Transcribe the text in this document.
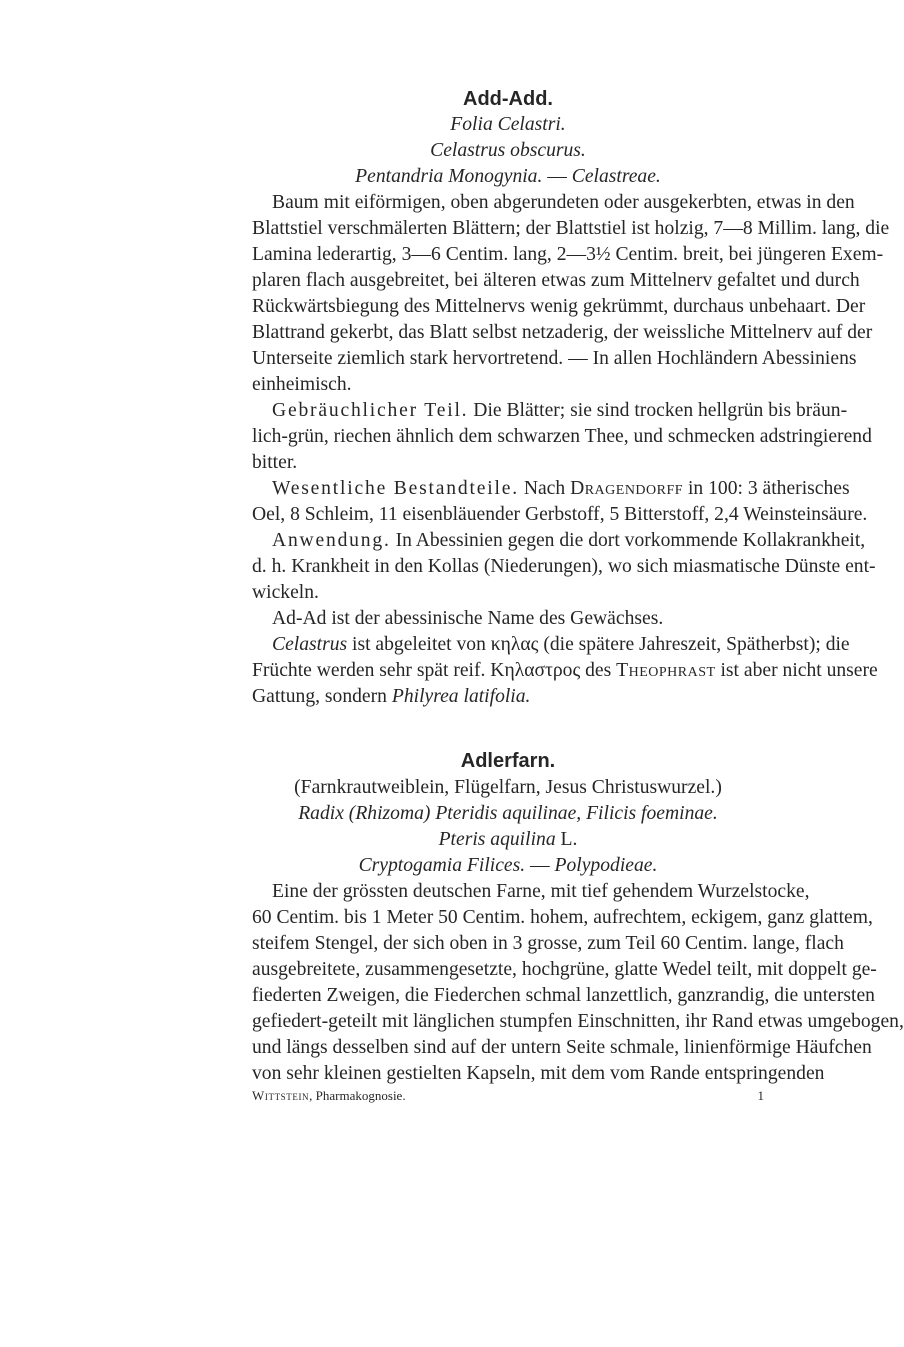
Add-Add.
Folia Celastri.
Celastrus obscurus.
Pentandria Monogynia. — Celastreae.
Baum mit eiförmigen, oben abgerundeten oder ausgekerbten, etwas in den
Blattstiel verschmälerten Blättern; der Blattstiel ist holzig, 7—8 Millim. lang, die
Lamina lederartig, 3—6 Centim. lang, 2—3½ Centim. breit, bei jüngeren Exem-
plaren flach ausgebreitet, bei älteren etwas zum Mittelnerv gefaltet und durch
Rückwärtsbiegung des Mittelnervs wenig gekrümmt, durchaus unbehaart. Der
Blattrand gekerbt, das Blatt selbst netzaderig, der weissliche Mittelnerv auf der
Unterseite ziemlich stark hervortretend. — In allen Hochländern Abessiniens
einheimisch.
Gebräuchlicher Teil. Die Blätter; sie sind trocken hellgrün bis bräun-
lich-grün, riechen ähnlich dem schwarzen Thee, und schmecken adstringierend
bitter.
Wesentliche Bestandteile. Nach Dragendorff in 100: 3 ätherisches
Oel, 8 Schleim, 11 eisenbläuender Gerbstoff, 5 Bitterstoff, 2,4 Weinsteinsäure.
Anwendung. In Abessinien gegen die dort vorkommende Kollakrankheit,
d. h. Krankheit in den Kollas (Niederungen), wo sich miasmatische Dünste ent-
wickeln.
Ad-Ad ist der abessinische Name des Gewächses.
Celastrus ist abgeleitet von κηλας (die spätere Jahreszeit, Spätherbst); die
Früchte werden sehr spät reif. Κηλαστρος des Theophrast ist aber nicht unsere
Gattung, sondern Philyrea latifolia.
Adlerfarn.
(Farnkrautweiblein, Flügelfarn, Jesus Christuswurzel.)
Radix (Rhizoma) Pteridis aquilinae, Filicis foeminae.
Pteris aquilina L.
Cryptogamia Filices. — Polypodieae.
Eine der grössten deutschen Farne, mit tief gehendem Wurzelstocke,
60 Centim. bis 1 Meter 50 Centim. hohem, aufrechtem, eckigem, ganz glattem,
steifem Stengel, der sich oben in 3 grosse, zum Teil 60 Centim. lange, flach
ausgebreitete, zusammengesetzte, hochgrüne, glatte Wedel teilt, mit doppelt ge-
fiederten Zweigen, die Fiederchen schmal lanzettlich, ganzrandig, die untersten
gefiedert-geteilt mit länglichen stumpfen Einschnitten, ihr Rand etwas umgebogen,
und längs desselben sind auf der untern Seite schmale, linienförmige Häufchen
von sehr kleinen gestielten Kapseln, mit dem vom Rande entspringenden
Wittstein, Pharmakognosie.	1
